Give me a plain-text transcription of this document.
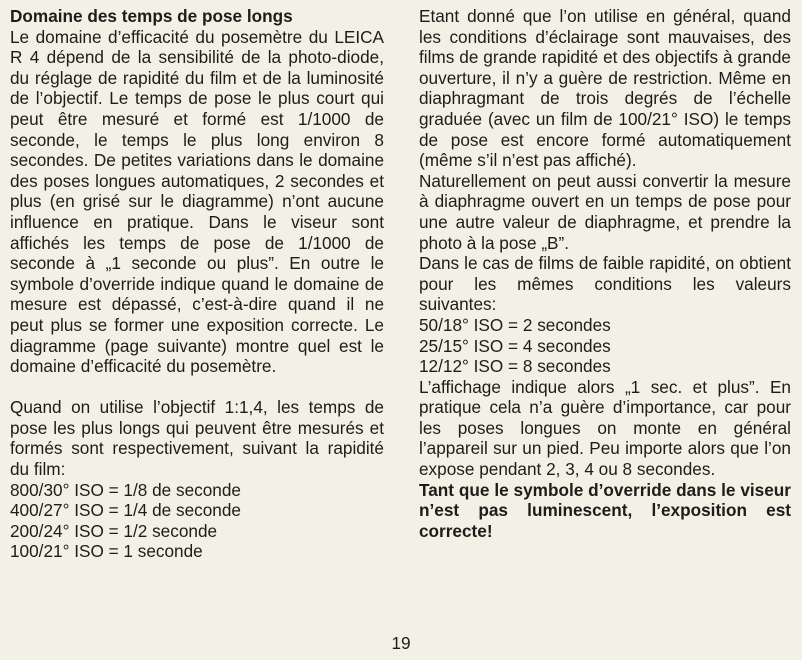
Domaine des temps de pose longs

Le domaine d’efficacité du posemètre du LEICA R 4 dépend de la sensibilité de la photo-diode, du réglage de rapidité du film et de la luminosité de l’objectif. Le temps de pose le plus court qui peut être mesuré et formé est 1/1000 de seconde, le temps le plus long environ 8 secondes. De petites variations dans le domaine des poses longues automatiques, 2 secondes et plus (en grisé sur le diagramme) n’ont aucune influence en pratique. Dans le viseur sont affichés les temps de pose de 1/1000 de seconde à „1 seconde ou plus”. En outre le symbole d’override indique quand le domaine de mesure est dépassé, c’est-à-dire quand il ne peut plus se former une exposition correcte. Le diagramme (page suivante) montre quel est le domaine d’efficacité du posemètre.

Quand on utilise l’objectif 1:1,4, les temps de pose les plus longs qui peuvent être mesurés et formés sont respectivement, suivant la rapidité du film:

800/30° ISO = 1/8 de seconde
400/27° ISO = 1/4 de seconde
200/24° ISO = 1/2 seconde
100/21° ISO = 1 seconde

Etant donné que l’on utilise en général, quand les conditions d’éclairage sont mauvaises, des films de grande rapidité et des objectifs à grande ouverture, il n’y a guère de restriction. Même en diaphragmant de trois degrés de l’échelle graduée (avec un film de 100/21° ISO) le temps de pose est encore formé automatiquement (même s’il n’est pas affiché).

Naturellement on peut aussi convertir la mesure à diaphragme ouvert en un temps de pose pour une autre valeur de diaphragme, et prendre la photo à la pose „B”.

Dans le cas de films de faible rapidité, on obtient pour les mêmes conditions les valeurs suivantes:

50/18° ISO = 2 secondes
25/15° ISO = 4 secondes
12/12° ISO = 8 secondes

L’affichage indique alors „1 sec. et plus”. En pratique cela n’a guère d’importance, car pour les poses longues on monte en général l’appareil sur un pied. Peu importe alors que l’on expose pendant 2, 3, 4 ou 8 secondes.

Tant que le symbole d’override dans le viseur n’est pas luminescent, l’exposition est correcte!

19
